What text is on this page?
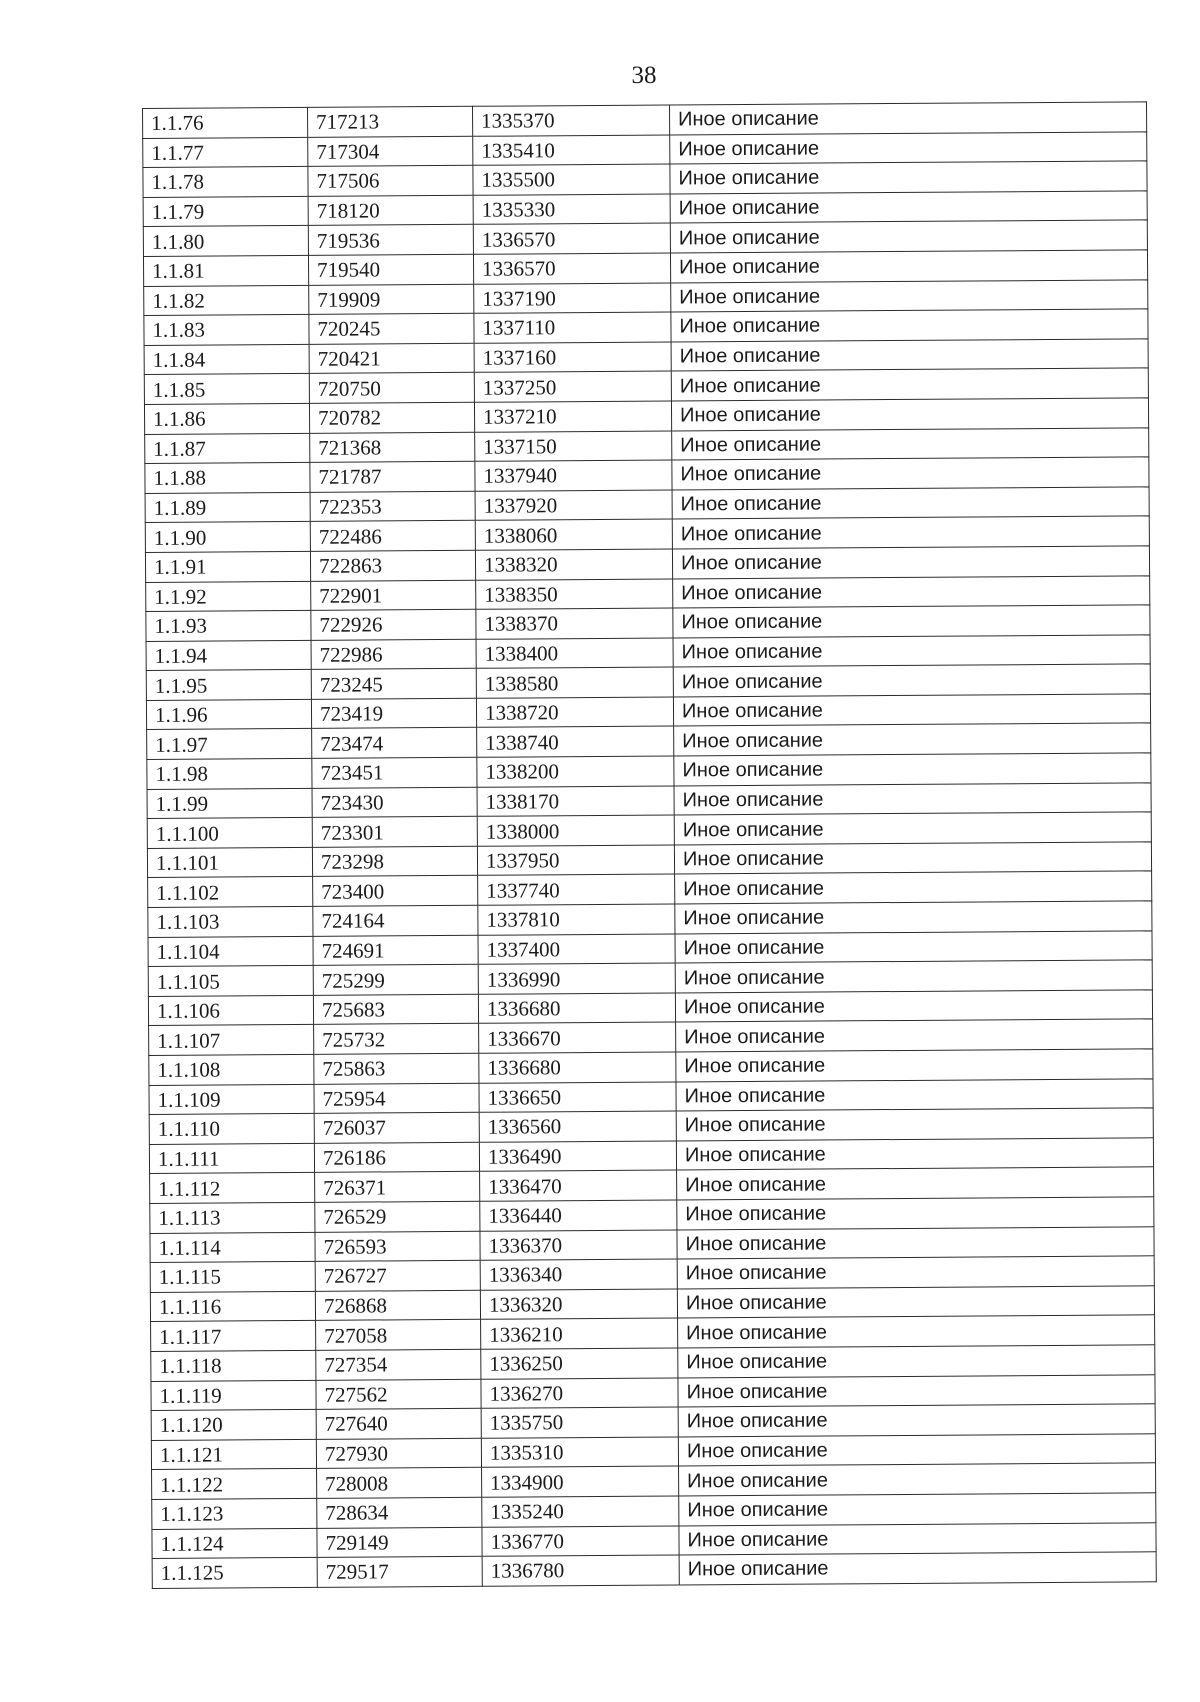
38
1.1.76	717213	1335370	Иное описание
1.1.77	717304	1335410	Иное описание
1.1.78	717506	1335500	Иное описание
1.1.79	718120	1335330	Иное описание
1.1.80	719536	1336570	Иное описание
1.1.81	719540	1336570	Иное описание
1.1.82	719909	1337190	Иное описание
1.1.83	720245	1337110	Иное описание
1.1.84	720421	1337160	Иное описание
1.1.85	720750	1337250	Иное описание
1.1.86	720782	1337210	Иное описание
1.1.87	721368	1337150	Иное описание
1.1.88	721787	1337940	Иное описание
1.1.89	722353	1337920	Иное описание
1.1.90	722486	1338060	Иное описание
1.1.91	722863	1338320	Иное описание
1.1.92	722901	1338350	Иное описание
1.1.93	722926	1338370	Иное описание
1.1.94	722986	1338400	Иное описание
1.1.95	723245	1338580	Иное описание
1.1.96	723419	1338720	Иное описание
1.1.97	723474	1338740	Иное описание
1.1.98	723451	1338200	Иное описание
1.1.99	723430	1338170	Иное описание
1.1.100	723301	1338000	Иное описание
1.1.101	723298	1337950	Иное описание
1.1.102	723400	1337740	Иное описание
1.1.103	724164	1337810	Иное описание
1.1.104	724691	1337400	Иное описание
1.1.105	725299	1336990	Иное описание
1.1.106	725683	1336680	Иное описание
1.1.107	725732	1336670	Иное описание
1.1.108	725863	1336680	Иное описание
1.1.109	725954	1336650	Иное описание
1.1.110	726037	1336560	Иное описание
1.1.111	726186	1336490	Иное описание
1.1.112	726371	1336470	Иное описание
1.1.113	726529	1336440	Иное описание
1.1.114	726593	1336370	Иное описание
1.1.115	726727	1336340	Иное описание
1.1.116	726868	1336320	Иное описание
1.1.117	727058	1336210	Иное описание
1.1.118	727354	1336250	Иное описание
1.1.119	727562	1336270	Иное описание
1.1.120	727640	1335750	Иное описание
1.1.121	727930	1335310	Иное описание
1.1.122	728008	1334900	Иное описание
1.1.123	728634	1335240	Иное описание
1.1.124	729149	1336770	Иное описание
1.1.125	729517	1336780	Иное описание
